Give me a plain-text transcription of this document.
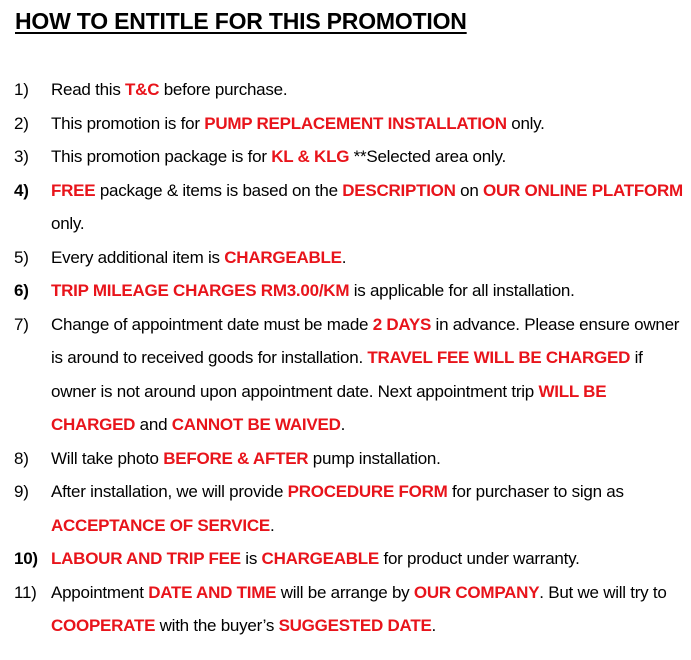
HOW TO ENTITLE FOR THIS PROMOTION
1) Read this T&C before purchase.
2) This promotion is for PUMP REPLACEMENT INSTALLATION only.
3) This promotion package is for KL & KLG **Selected area only.
4) FREE package & items is based on the DESCRIPTION on OUR ONLINE PLATFORM only.
5) Every additional item is CHARGEABLE.
6) TRIP MILEAGE CHARGES RM3.00/KM is applicable for all installation.
7) Change of appointment date must be made 2 DAYS in advance. Please ensure owner is around to received goods for installation. TRAVEL FEE WILL BE CHARGED if owner is not around upon appointment date. Next appointment trip WILL BE CHARGED and CANNOT BE WAIVED.
8) Will take photo BEFORE & AFTER pump installation.
9) After installation, we will provide PROCEDURE FORM for purchaser to sign as ACCEPTANCE OF SERVICE.
10) LABOUR AND TRIP FEE is CHARGEABLE for product under warranty.
11) Appointment DATE AND TIME will be arrange by OUR COMPANY. But we will try to COOPERATE with the buyer’s SUGGESTED DATE.
